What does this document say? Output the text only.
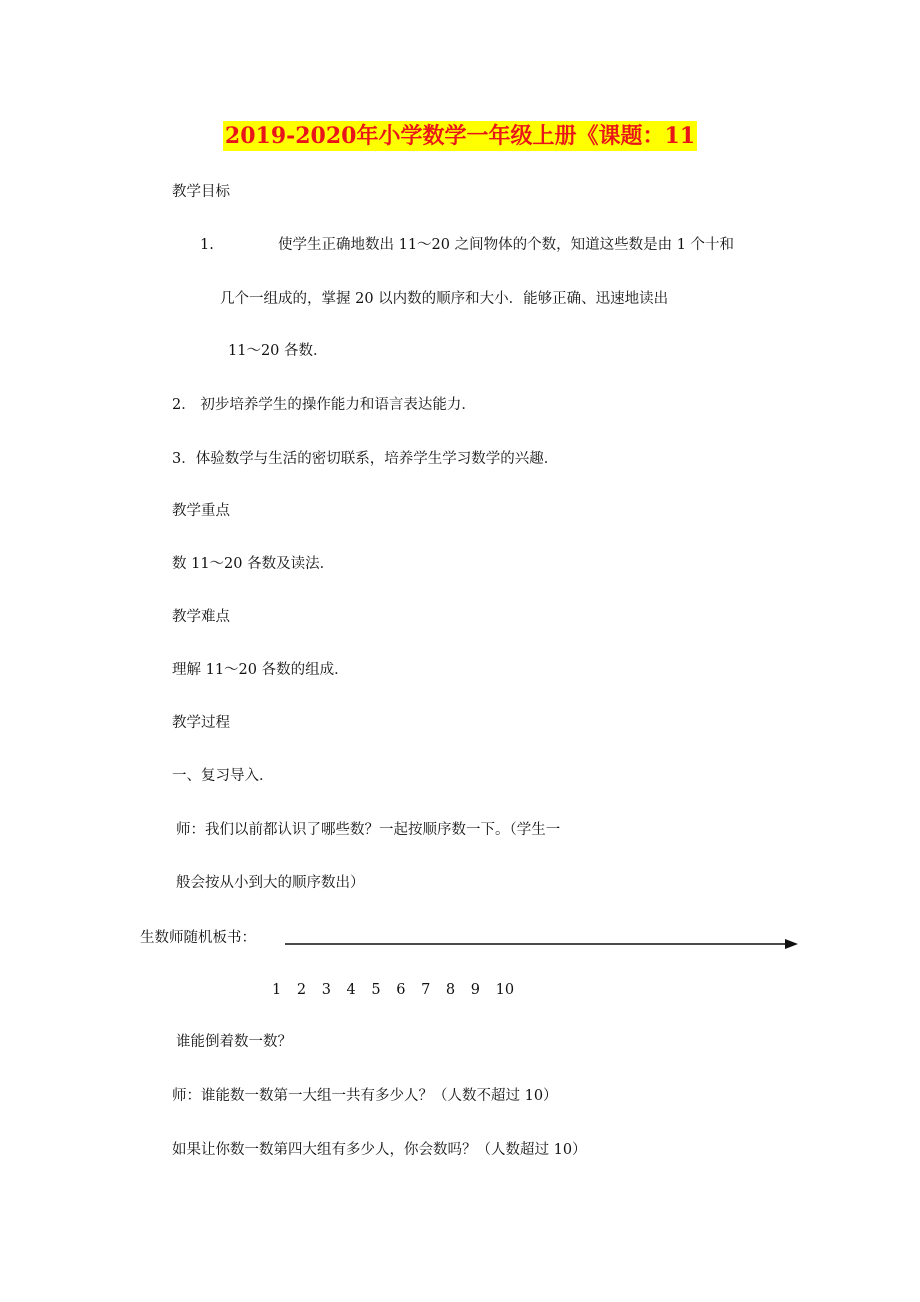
2019-2020年小学数学一年级上册《课题：11
教学目标
1.	使学生正确地数出 11～20 之间物体的个数，知道这些数是由 1 个十和
几个一组成的，掌握 20 以内数的顺序和大小．能够正确、迅速地读出
11～20 各数．
2． 初步培养学生的操作能力和语言表达能力．
3．体验数学与生活的密切联系，培养学生学习数学的兴趣．
教学重点
数 11～20 各数及读法．
教学难点
理解 11～20 各数的组成．
教学过程
一、复习导入．
师：我们以前都认识了哪些数？一起按顺序数一下。（学生一
般会按从小到大的顺序数出）
生数师随机板书：
1 2 3 4 5 6 7 8 9 10
谁能倒着数一数？
师：谁能数一数第一大组一共有多少人？（人数不超过 10）
如果让你数一数第四大组有多少人，你会数吗？（人数超过 10）
